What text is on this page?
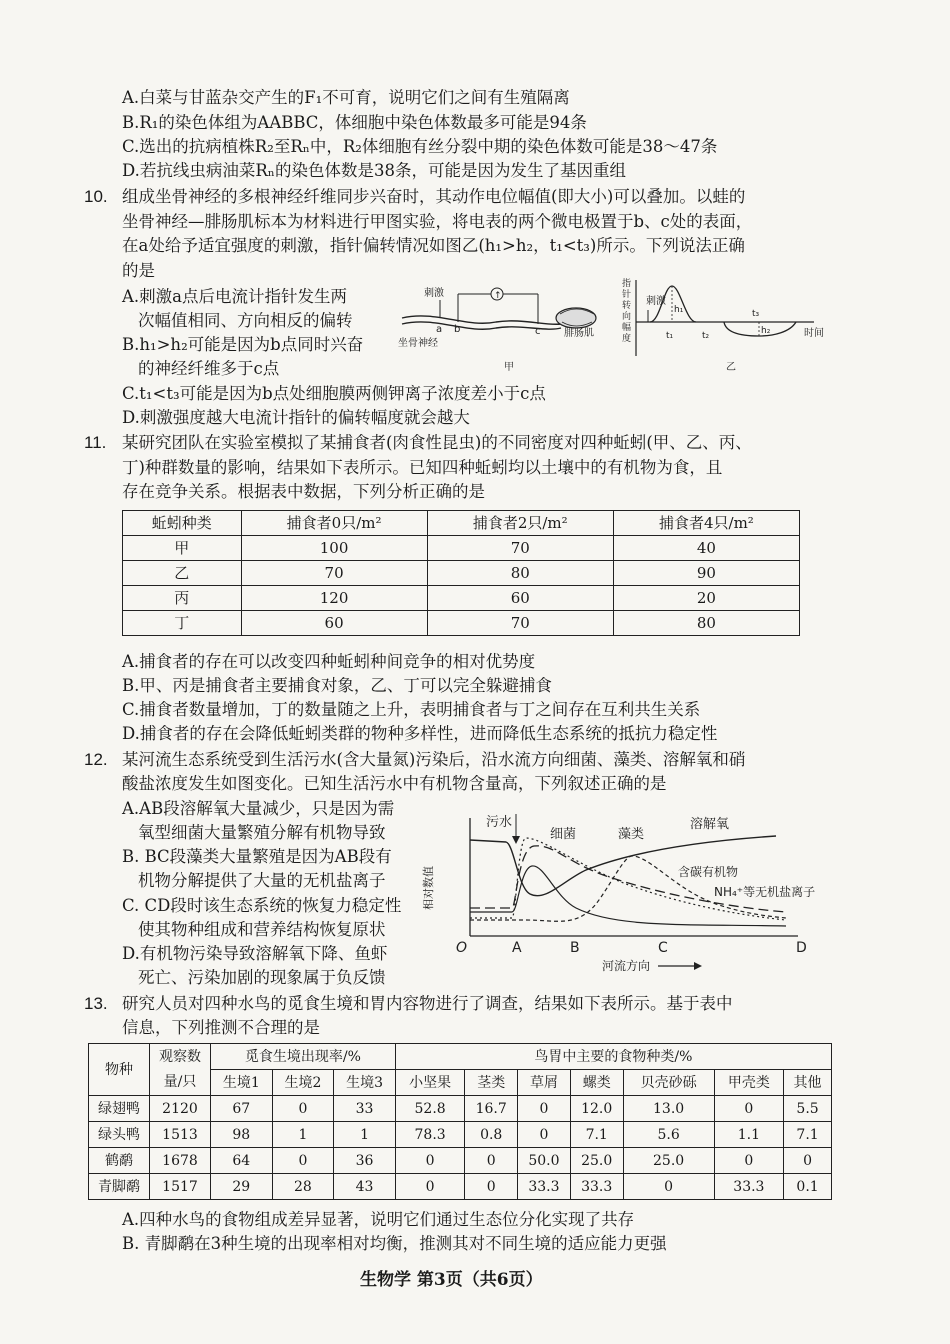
A.白菜与甘蓝杂交产生的F₁不可育，说明它们之间有生殖隔离
B.R₁的染色体组为AABBC，体细胞中染色体数最多可能是94条
C.选出的抗病植株R₂至Rₙ中，R₂体细胞有丝分裂中期的染色体数可能是38～47条
D.若抗线虫病油菜Rₙ的染色体数是38条，可能是因为发生了基因重组
10. 组成坐骨神经的多根神经纤维同步兴奋时，其动作电位幅值(即大小)可以叠加。以蛙的
坐骨神经—腓肠肌标本为材料进行甲图实验，将电表的两个微电极置于b、c处的表面，
在a处给予适宜强度的刺激，指针偏转情况如图乙(h₁>h₂，t₁<t₃)所示。下列说法正确
的是
A.刺激a点后电流计指针发生两
次幅值相同、方向相反的偏转
B.h₁>h₂可能是因为b点同时兴奋
的神经纤维多于c点
C.t₁<t₃可能是因为b点处细胞膜两侧钾离子浓度差小于c点
D.刺激强度越大电流计指针的偏转幅度就会越大
↑
刺激
a b	c 腓肠肌
坐骨神经
甲
指
针
转
向
幅
度
刺激
h₁
h₂
t₁	t₂
t₃
时间
乙
11. 某研究团队在实验室模拟了某捕食者(肉食性昆虫)的不同密度对四种蚯蚓(甲、乙、丙、
丁)种群数量的影响，结果如下表所示。已知四种蚯蚓均以土壤中的有机物为食，且
存在竞争关系。根据表中数据，下列分析正确的是
蚯蚓种类	捕食者0只/m²	捕食者2只/m²	捕食者4只/m²
甲	100	70	40
乙	70	80	90
丙	120	60	20
丁	60	70	80
A.捕食者的存在可以改变四种蚯蚓种间竞争的相对优势度
B.甲、丙是捕食者主要捕食对象，乙、丁可以完全躲避捕食
C.捕食者数量增加，丁的数量随之上升，表明捕食者与丁之间存在互利共生关系
D.捕食者的存在会降低蚯蚓类群的物种多样性，进而降低生态系统的抵抗力稳定性
12. 某河流生态系统受到生活污水(含大量氮)污染后，沿水流方向细菌、藻类、溶解氧和硝
酸盐浓度发生如图变化。已知生活污水中有机物含量高，下列叙述正确的是
A.AB段溶解氧大量减少，只是因为需
氧型细菌大量繁殖分解有机物导致
B. BC段藻类大量繁殖是因为AB段有
机物分解提供了大量的无机盐离子
C. CD段时该生态系统的恢复力稳定性
使其物种组成和营养结构恢复原状
D.有机物污染导致溶解氧下降、鱼虾
死亡、污染加剧的现象属于负反馈
污水
细菌	藻类
溶解氧
含碳有机物
NH₄⁺等无机盐离子
相对数值
O	A	B	C	D
河流方向
13. 研究人员对四种水鸟的觅食生境和胃内容物进行了调查，结果如下表所示。基于表中
信息，下列推测不合理的是
物种	观察数	觅食生境出现率/%			鸟胃中主要的食物种类/%						
	量/只	生境1	生境2	生境3	小坚果	茎类	草屑	螺类	贝壳砂砾	甲壳类	其他
绿翅鸭	2120	67	0	33	52.8	16.7	0	12.0	13.0	0	5.5
绿头鸭	1513	98	1	1	78.3	0.8	0	7.1	5.6	1.1	7.1
鹤鹬	1678	64	0	36	0	0	50.0	25.0	25.0	0	0
青脚鹬	1517	29	28	43	0	0	33.3	33.3	0	33.3	0.1
A.四种水鸟的食物组成差异显著，说明它们通过生态位分化实现了共存
B. 青脚鹬在3种生境的出现率相对均衡，推测其对不同生境的适应能力更强
生物学 第3页（共6页）
